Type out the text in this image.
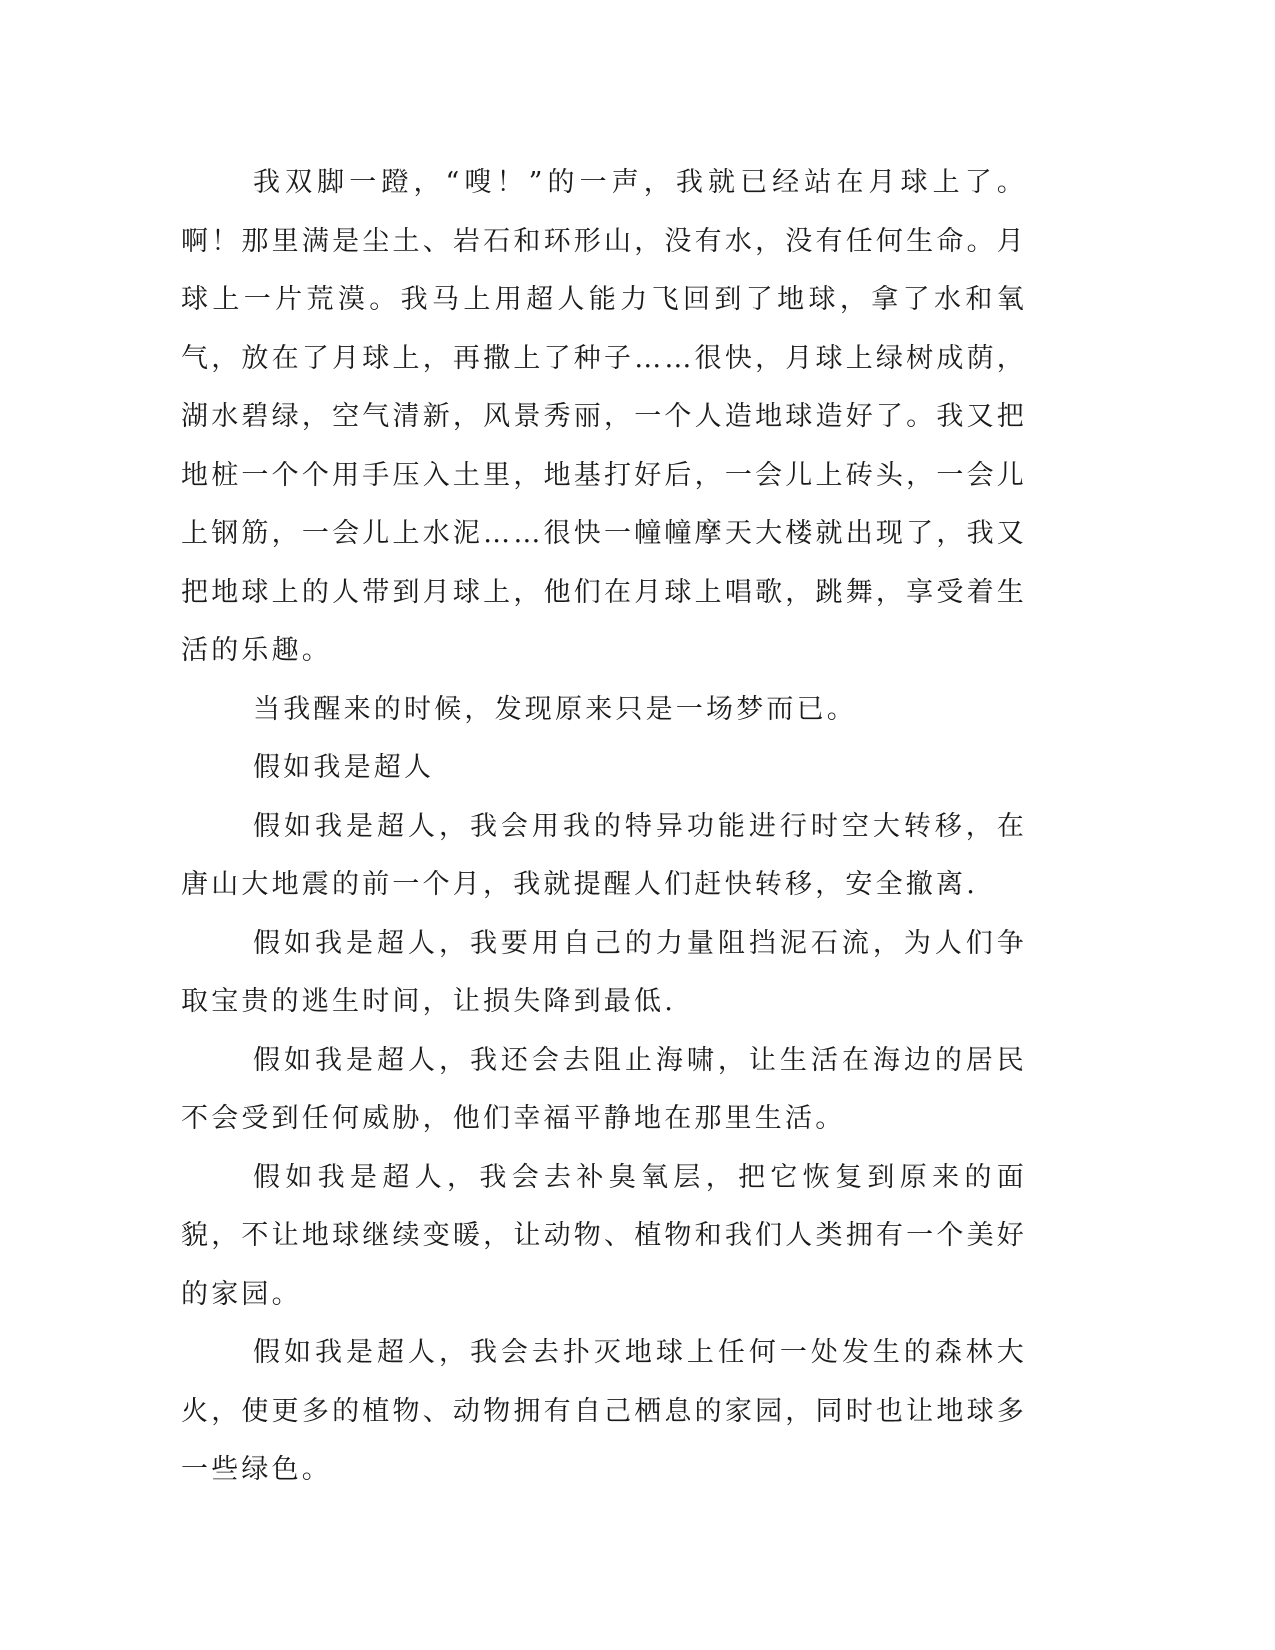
我双脚一蹬，“嗖！”的一声，我就已经站在月球上了。啊！那里满是尘土、岩石和环形山，没有水，没有任何生命。月球上一片荒漠。我马上用超人能力飞回到了地球，拿了水和氧气，放在了月球上，再撒上了种子……很快，月球上绿树成荫，湖水碧绿，空气清新，风景秀丽，一个人造地球造好了。我又把地桩一个个用手压入土里，地基打好后，一会儿上砖头，一会儿上钢筋，一会儿上水泥……很快一幢幢摩天大楼就出现了，我又把地球上的人带到月球上，他们在月球上唱歌，跳舞，享受着生活的乐趣。

当我醒来的时候，发现原来只是一场梦而已。

假如我是超人

假如我是超人，我会用我的特异功能进行时空大转移，在唐山大地震的前一个月，我就提醒人们赶快转移，安全撤离.

假如我是超人，我要用自己的力量阻挡泥石流，为人们争取宝贵的逃生时间，让损失降到最低.

假如我是超人，我还会去阻止海啸，让生活在海边的居民不会受到任何威胁，他们幸福平静地在那里生活。

假如我是超人，我会去补臭氧层，把它恢复到原来的面貌，不让地球继续变暖，让动物、植物和我们人类拥有一个美好的家园。

假如我是超人，我会去扑灭地球上任何一处发生的森林大火，使更多的植物、动物拥有自己栖息的家园，同时也让地球多一些绿色。
